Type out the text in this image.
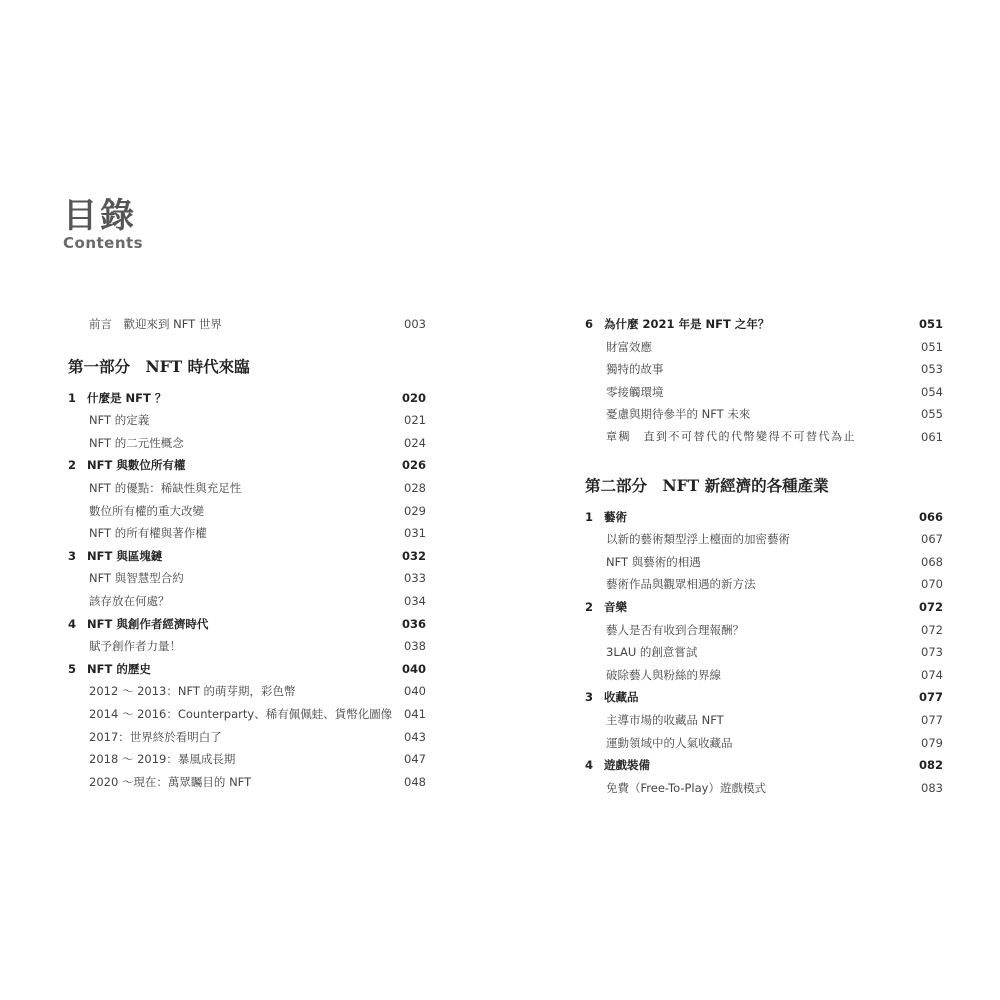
目錄
Contents
前言　歡迎來到 NFT 世界	003
第一部分　NFT 時代來臨
1 什麼是 NFT ？	020
NFT 的定義	021
NFT 的二元性概念	024
2 NFT 與數位所有權	026
NFT 的優點：稀缺性與充足性	028
數位所有權的重大改變	029
NFT 的所有權與著作權	031
3 NFT 與區塊鏈	032
NFT 與智慧型合約	033
該存放在何處？	034
4 NFT 與創作者經濟時代	036
賦予創作者力量！	038
5 NFT 的歷史	040
2012 ～ 2013：NFT 的萌芽期，彩色幣	040
2014 ～ 2016：Counterparty、稀有佩佩蛙、貨幣化圖像 041
2017：世界終於看明白了	043
2018 ～ 2019：暴風成長期	047
2020 ～現在：萬眾矚目的 NFT	048
6 為什麼 2021 年是 NFT 之年？	051
財富效應	051
獨特的故事	053
零接觸環境	054
憂慮與期待參半的 NFT 未來	055
章稠　直到不可替代的代幣變得不可替代為止	061
第二部分　NFT 新經濟的各種產業
1 藝術	066
以新的藝術類型浮上檯面的加密藝術	067
NFT 與藝術的相遇	068
藝術作品與觀眾相遇的新方法	070
2 音樂	072
藝人是否有收到合理報酬？	072
3LAU 的創意嘗試	073
破除藝人與粉絲的界線	074
3 收藏品	077
主導市場的收藏品 NFT	077
運動領域中的人氣收藏品	079
4 遊戲裝備	082
免費（Free-To-Play）遊戲模式	083
